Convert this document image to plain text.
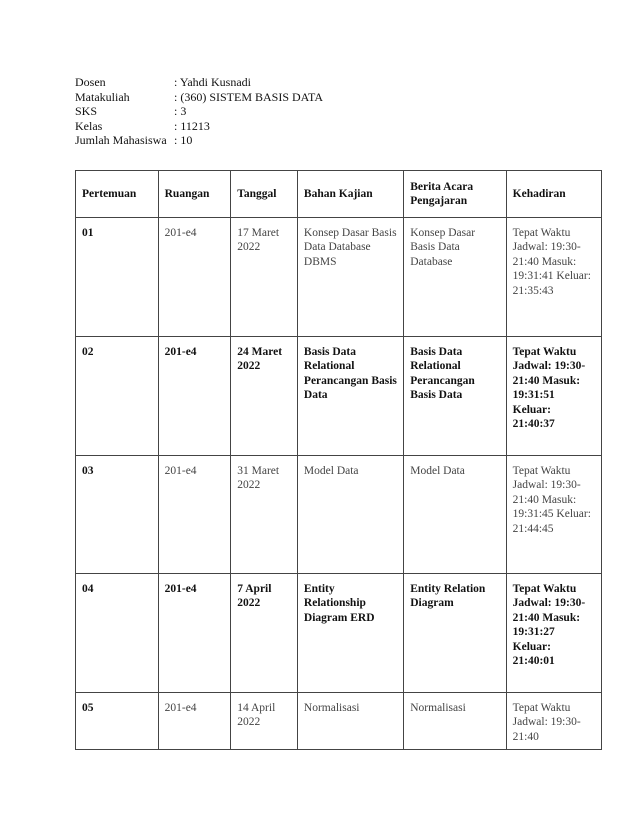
Dosen	: Yahdi Kusnadi
Matakuliah	: (360) SISTEM BASIS DATA
SKS	: 3
Kelas	: 11213
Jumlah Mahasiswa : 10
Pertemuan	Ruangan	Tanggal	Bahan Kajian	Berita Acara Pengajaran	Kehadiran
01	201-e4	17 Maret 2022	Konsep Dasar Basis Data Database DBMS	Konsep Dasar Basis Data Database	Tepat Waktu Jadwal: 19:30-21:40 Masuk: 19:31:41 Keluar: 21:35:43
02	201-e4	24 Maret 2022	Basis Data Relational Perancangan Basis Data	Basis Data Relational Perancangan Basis Data	Tepat Waktu Jadwal: 19:30-21:40 Masuk: 19:31:51 Keluar: 21:40:37
03	201-e4	31 Maret 2022	Model Data	Model Data	Tepat Waktu Jadwal: 19:30-21:40 Masuk: 19:31:45 Keluar: 21:44:45
04	201-e4	7 April 2022	Entity Relationship Diagram ERD	Entity Relation Diagram	Tepat Waktu Jadwal: 19:30-21:40 Masuk: 19:31:27 Keluar: 21:40:01
05	201-e4	14 April 2022	Normalisasi	Normalisasi	Tepat Waktu Jadwal: 19:30-21:40
